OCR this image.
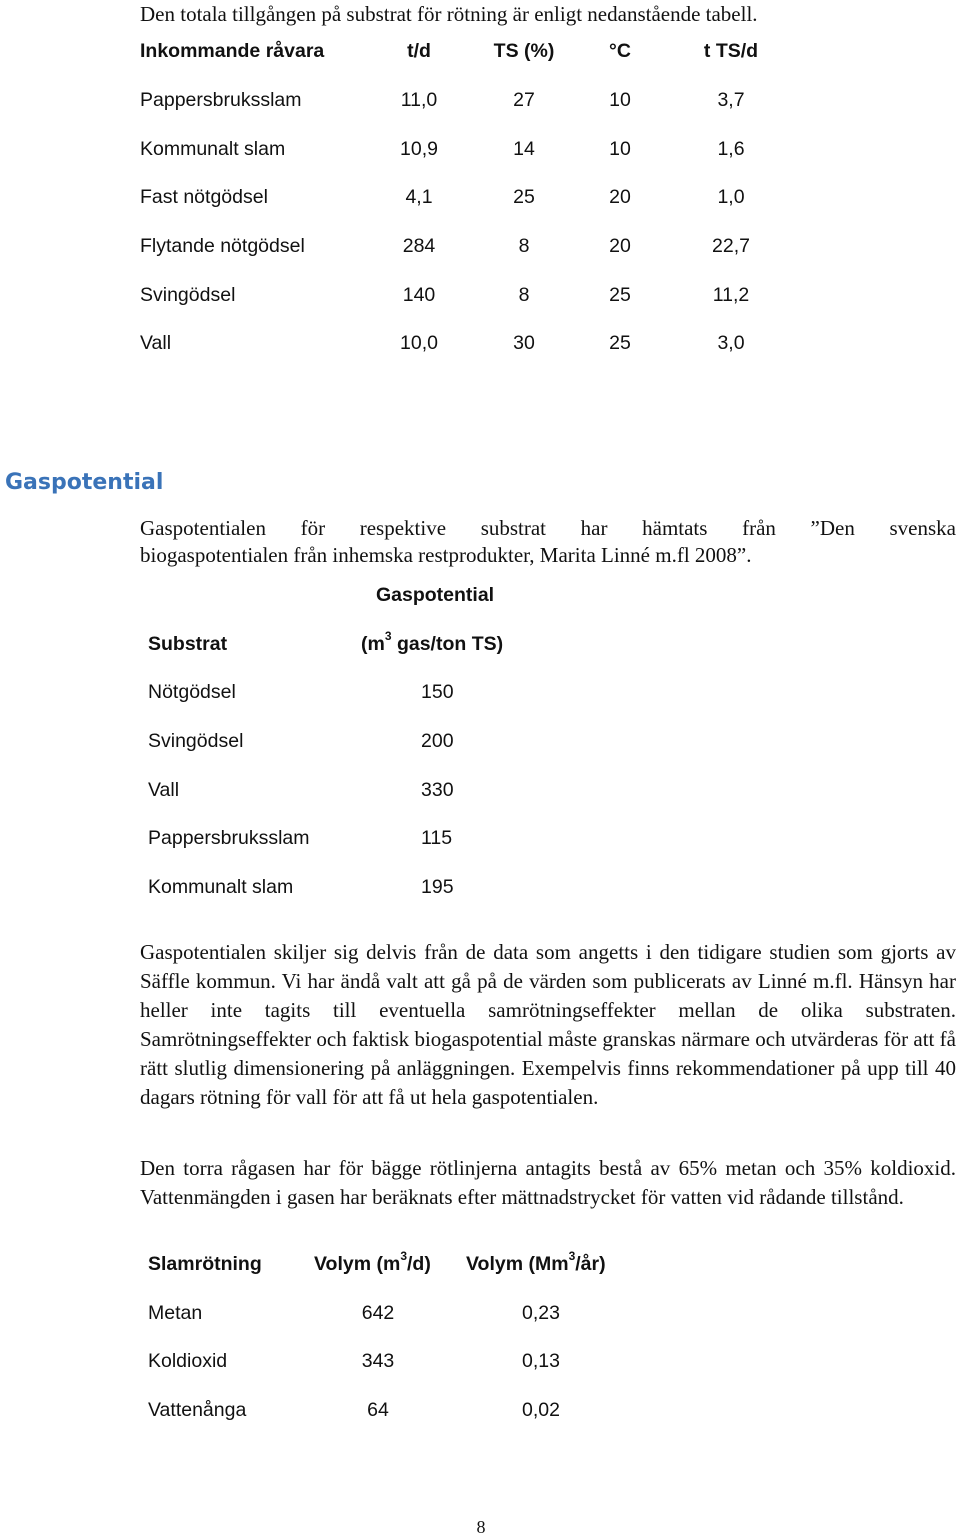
Den totala tillgången på substrat för rötning är enligt nedanstående tabell.
Inkommande råvara	t/d	TS (%)	°C	t TS/d
Pappersbruksslam	11,0	27	10	3,7
Kommunalt slam	10,9	14	10	1,6
Fast nötgödsel	4,1	25	20	1,0
Flytande nötgödsel	284	8	20	22,7
Svingödsel	140	8	25	11,2
Vall	10,0	30	25	3,0
Gaspotential
Gaspotentialen för respektive substrat har hämtats från ”Den svenska
biogaspotentialen från inhemska restprodukter, Marita Linné m.fl 2008”.
Gaspotential
Substrat	($m^3$ gas/ton TS)
Nötgödsel	150
Svingödsel	200
Vall	330
Pappersbruksslam	115
Kommunalt slam	195
Gaspotentialen skiljer sig delvis från de data som angetts i den tidigare studien som gjorts av Säffle kommun. Vi har ändå valt att gå på de värden som publicerats av Linné m.fl. Hänsyn har heller inte tagits till eventuella samrötningseffekter mellan de olika substraten. Samrötningseffekter och faktisk biogaspotential måste granskas närmare och utvärderas för att få rätt slutlig dimensionering på anläggningen. Exempelvis finns rekommendationer på upp till 40 dagars rötning för vall för att få ut hela gaspotentialen.
Den torra rågasen har för bägge rötlinjerna antagits bestå av 65% metan och 35% koldioxid. Vattenmängden i gasen har beräknats efter mättnadstrycket för vatten vid rådande tillstånd.
Slamrötning	Volym $(m^3/d)$ Volym (Mm$^3$/år)
Metan	642	0,23
Koldioxid	343	0,13
Vattenånga	64	0,02
8
